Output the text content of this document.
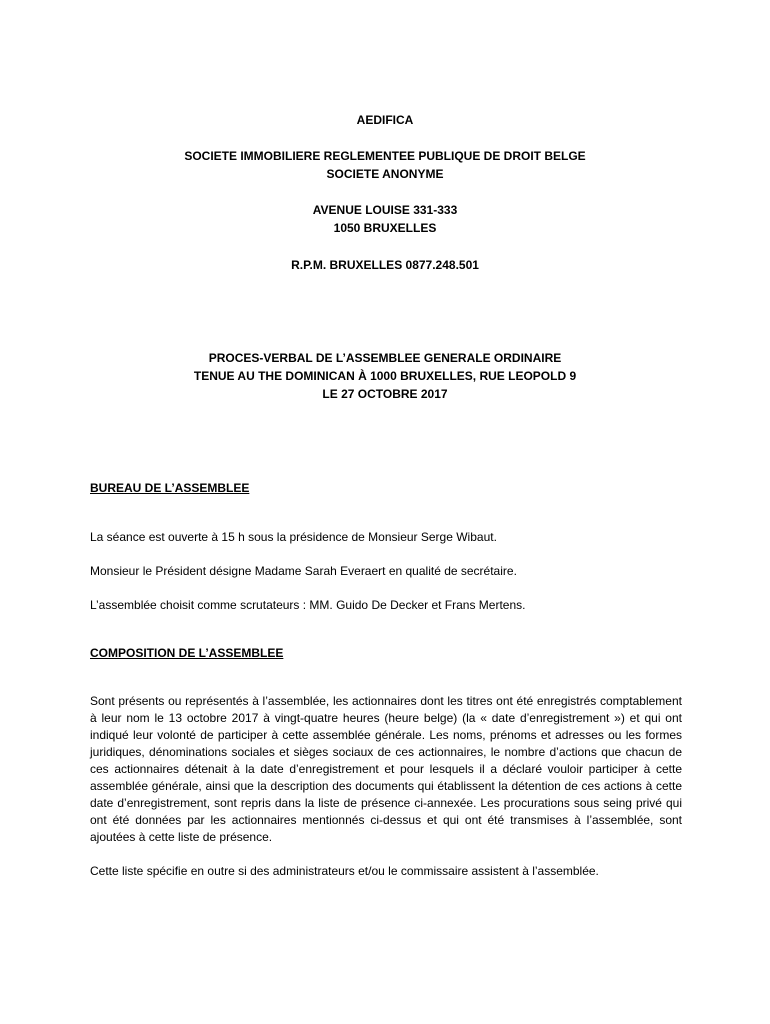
AEDIFICA
SOCIETE IMMOBILIERE REGLEMENTEE PUBLIQUE DE DROIT BELGE
SOCIETE ANONYME
AVENUE LOUISE 331-333
1050 BRUXELLES
R.P.M. BRUXELLES 0877.248.501
PROCES-VERBAL DE L’ASSEMBLEE GENERALE ORDINAIRE
TENUE AU THE DOMINICAN À 1000 BRUXELLES, RUE LEOPOLD 9
LE 27 OCTOBRE 2017
BUREAU DE L’ASSEMBLEE
La séance est ouverte à 15 h sous la présidence de Monsieur Serge Wibaut.
Monsieur le Président désigne Madame Sarah Everaert en qualité de secrétaire.
L’assemblée choisit comme scrutateurs : MM. Guido De Decker et Frans Mertens.
COMPOSITION DE L’ASSEMBLEE
Sont présents ou représentés à l’assemblée, les actionnaires dont les titres ont été enregistrés comptablement à leur nom le 13 octobre 2017 à vingt-quatre heures (heure belge) (la « date d’enregistrement ») et qui ont indiqué leur volonté de participer à cette assemblée générale. Les noms, prénoms et adresses ou les formes juridiques, dénominations sociales et sièges sociaux de ces actionnaires, le nombre d’actions que chacun de ces actionnaires détenait à la date d’enregistrement et pour lesquels il a déclaré vouloir participer à cette assemblée générale, ainsi que la description des documents qui établissent la détention de ces actions à cette date d’enregistrement, sont repris dans la liste de présence ci-annexée. Les procurations sous seing privé qui ont été données par les actionnaires mentionnés ci-dessus et qui ont été transmises à l’assemblée, sont ajoutées à cette liste de présence.
Cette liste spécifie en outre si des administrateurs et/ou le commissaire assistent à l’assemblée.
